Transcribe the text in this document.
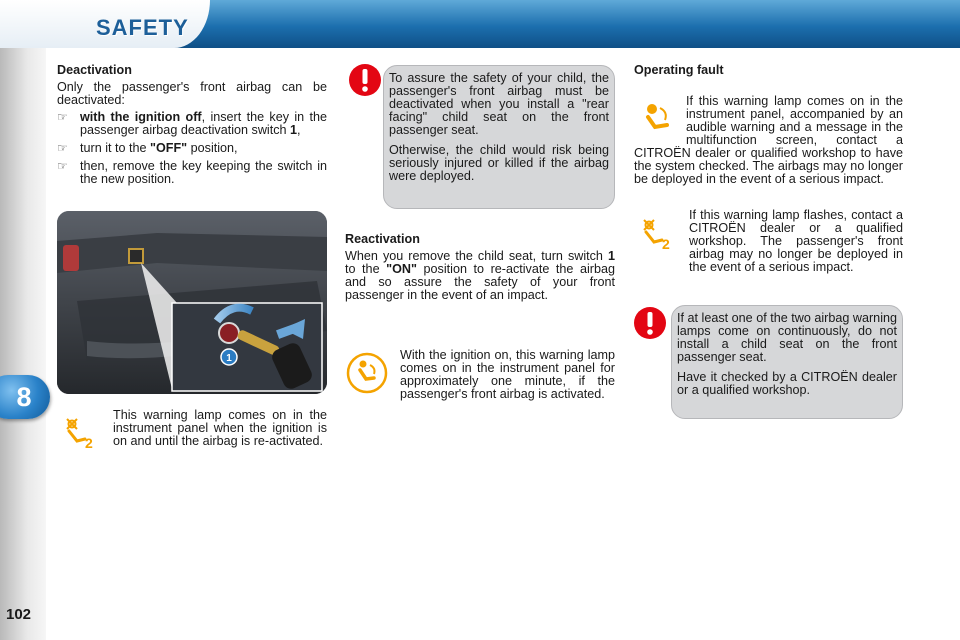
SAFETY
8
102
Deactivation
Only the passenger's front airbag can be deactivated:
☞ with the ignition off, insert the key in the passenger airbag deactivation switch 1,
☞ turn it to the "OFF" position,
☞ then, remove the key keeping the switch in the new position.
1
2
This warning lamp comes on in the instrument panel when the ignition is on and until the airbag is re-activated.

To assure the safety of your child, the passenger's front airbag must be deactivated when you install a "rear facing" child seat on the front passenger seat.

Otherwise, the child would risk being seriously injured or killed if the airbag were deployed.

Reactivation
When you remove the child seat, turn switch 1 to the "ON" position to re-activate the airbag and so assure the safety of your front passenger in the event of an impact.
With the ignition on, this warning lamp comes on in the instrument panel for approximately one minute, if the passenger's front airbag is activated.
Operating fault
If this warning lamp comes on in the instrument panel, accompanied by an audible warning and a message in the multifunction screen, contact a CITROËN dealer or qualified workshop to have the system checked. The airbags may no longer be deployed in the event of a serious impact.
2
If this warning lamp flashes, contact a CITROËN dealer or a qualified workshop. The passenger's front airbag may no longer be deployed in the event of a serious impact.

If at least one of the two airbag warning lamps come on continuously, do not install a child seat on the front passenger seat.

Have it checked by a CITROËN dealer or a qualified workshop.
